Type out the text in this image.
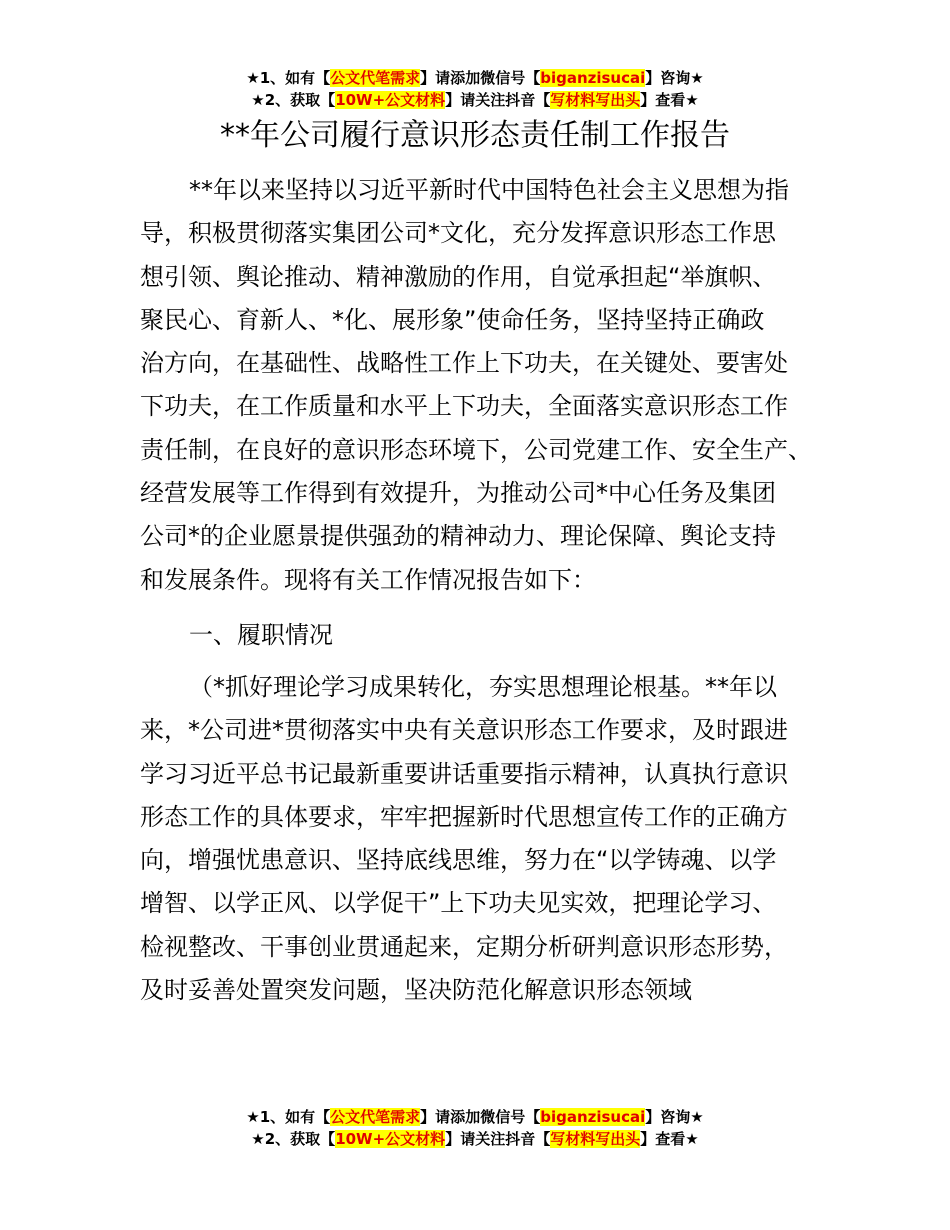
★1、如有【公文代笔需求】请添加微信号【biganzisucai】咨询★
★2、获取【10W+公文材料】请关注抖音【写材料写出头】查看★
**年公司履行意识形态责任制工作报告
**年以来坚持以习近平新时代中国特色社会主义思想为指
导，积极贯彻落实集团公司*文化，充分发挥意识形态工作思
想引领、舆论推动、精神激励的作用，自觉承担起“举旗帜、
聚民心、育新人、*化、展形象”使命任务，坚持坚持正确政
治方向，在基础性、战略性工作上下功夫，在关键处、要害处
下功夫，在工作质量和水平上下功夫，全面落实意识形态工作
责任制，在良好的意识形态环境下，公司党建工作、安全生产、
经营发展等工作得到有效提升，为推动公司*中心任务及集团
公司*的企业愿景提供强劲的精神动力、理论保障、舆论支持
和发展条件。现将有关工作情况报告如下：
一、履职情况
（*抓好理论学习成果转化，夯实思想理论根基。**年以
来，*公司进*贯彻落实中央有关意识形态工作要求，及时跟进
学习习近平总书记最新重要讲话重要指示精神，认真执行意识
形态工作的具体要求，牢牢把握新时代思想宣传工作的正确方
向，增强忧患意识、坚持底线思维，努力在“以学铸魂、以学
增智、以学正风、以学促干”上下功夫见实效，把理论学习、
检视整改、干事创业贯通起来，定期分析研判意识形态形势，
及时妥善处置突发问题，坚决防范化解意识形态领域
★1、如有【公文代笔需求】请添加微信号【biganzisucai】咨询★
★2、获取【10W+公文材料】请关注抖音【写材料写出头】查看★
